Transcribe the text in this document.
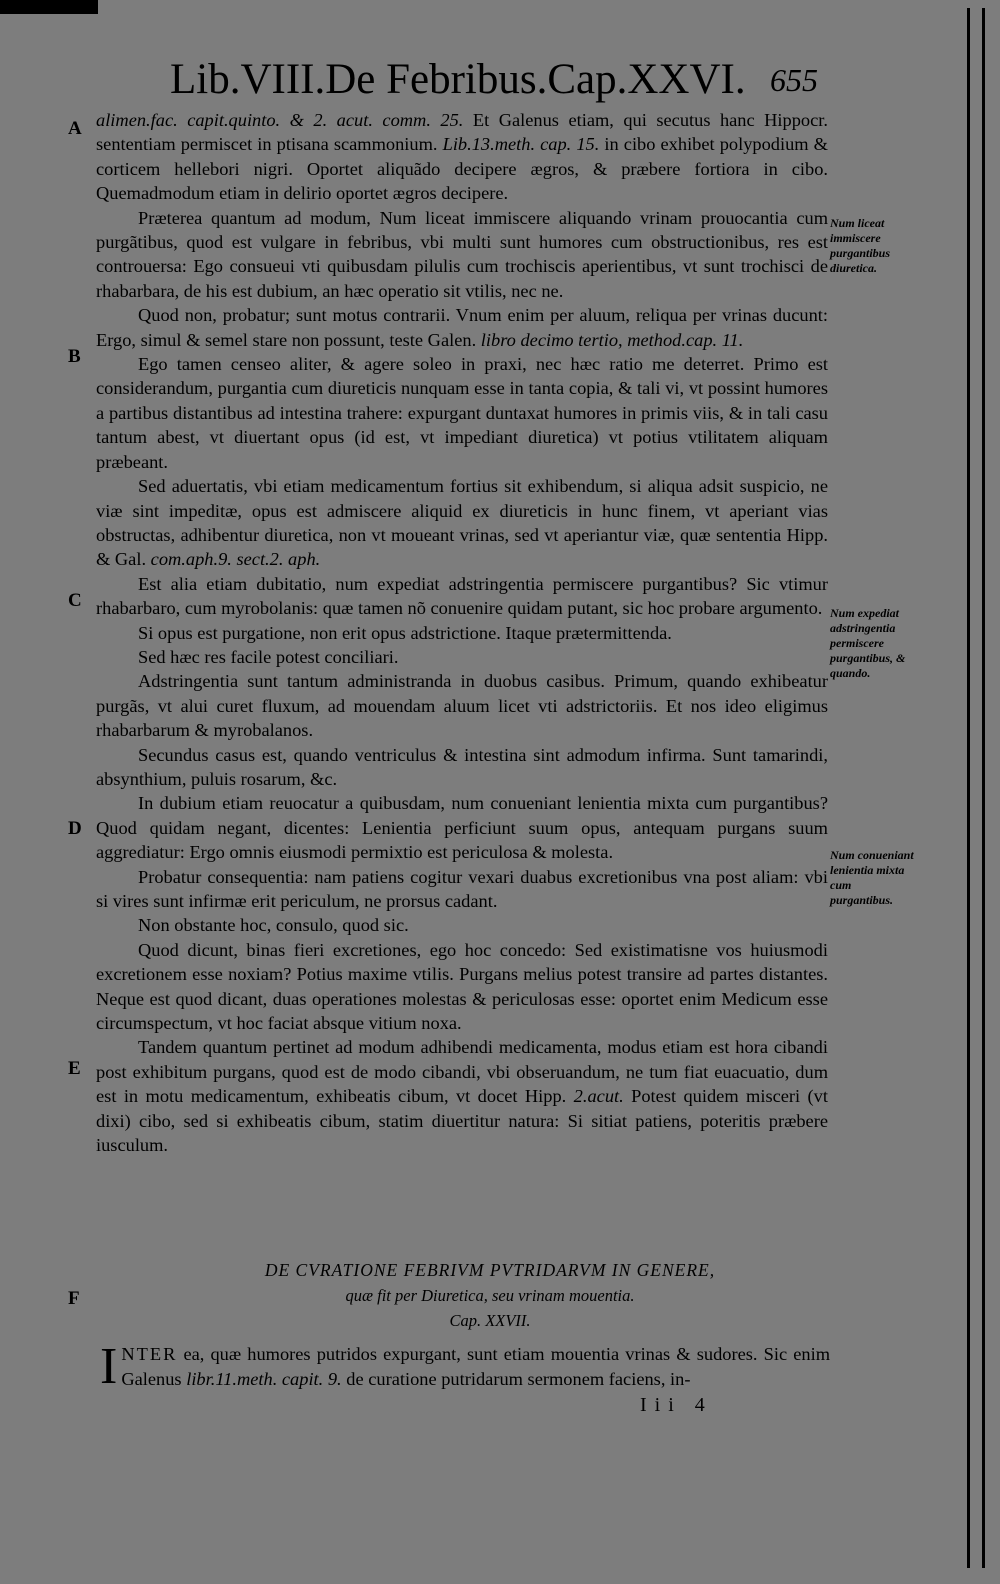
Lib.VIII.De Febribus.Cap.XXVI. 655
A
B
C
D
E
F
Num liceat immiscere purgantibus diuretica.
Num expediat adstringentia permiscere purgantibus, & quando.
Num conueniant lenientia mixta cum purgantibus.

alimen.fac. capit.quinto. & 2. acut. comm. 25. Et Galenus etiam, qui secutus hanc Hippocr. sententiam permiscet in ptisana scammonium. Lib.13.meth. cap. 15. in cibo exhibet polypodium & corticem hellebori nigri. Oportet aliquãdo decipere ægros, & præbere fortiora in cibo. Quemadmodum etiam in delirio oportet ægros decipere.

Præterea quantum ad modum, Num liceat immiscere aliquando vrinam prouocantia cum purgãtibus, quod est vulgare in febribus, vbi multi sunt humores cum obstructionibus, res est controuersa: Ego consueui vti quibusdam pilulis cum trochiscis aperientibus, vt sunt trochisci de rhabarbara, de his est dubium, an hæc operatio sit vtilis, nec ne.

Quod non, probatur; sunt motus contrarii. Vnum enim per aluum, reliqua per vrinas ducunt: Ergo, simul & semel stare non possunt, teste Galen. libro decimo tertio, method.cap. 11.

Ego tamen censeo aliter, & agere soleo in praxi, nec hæc ratio me deterret. Primo est considerandum, purgantia cum diureticis nunquam esse in tanta copia, & tali vi, vt possint humores a partibus distantibus ad intestina trahere: expurgant duntaxat humores in primis viis, & in tali casu tantum abest, vt diuertant opus (id est, vt impediant diuretica) vt potius vtilitatem aliquam præbeant.

Sed aduertatis, vbi etiam medicamentum fortius sit exhibendum, si aliqua adsit suspicio, ne viæ sint impeditæ, opus est admiscere aliquid ex diureticis in hunc finem, vt aperiant vias obstructas, adhibentur diuretica, non vt moueant vrinas, sed vt aperiantur viæ, quæ sententia Hipp. & Gal. com.aph.9. sect.2. aph.

Est alia etiam dubitatio, num expediat adstringentia permiscere purgantibus? Sic vtimur rhabarbaro, cum myrobolanis: quæ tamen nõ conuenire quidam putant, sic hoc probare argumento.

Si opus est purgatione, non erit opus adstrictione. Itaque prætermittenda.

Sed hæc res facile potest conciliari.

Adstringentia sunt tantum administranda in duobus casibus. Primum, quando exhibeatur purgãs, vt alui curet fluxum, ad mouendam aluum licet vti adstrictoriis. Et nos ideo eligimus rhabarbarum & myrobalanos.

Secundus casus est, quando ventriculus & intestina sint admodum infirma. Sunt tamarindi, absynthium, puluis rosarum, &c.

In dubium etiam reuocatur a quibusdam, num conueniant lenientia mixta cum purgantibus? Quod quidam negant, dicentes: Lenientia perficiunt suum opus, antequam purgans suum aggrediatur: Ergo omnis eiusmodi permixtio est periculosa & molesta.

Probatur consequentia: nam patiens cogitur vexari duabus excretionibus vna post aliam: vbi si vires sunt infirmæ erit periculum, ne prorsus cadant.

Non obstante hoc, consulo, quod sic.

Quod dicunt, binas fieri excretiones, ego hoc concedo: Sed existimatisne vos huiusmodi excretionem esse noxiam? Potius maxime vtilis. Purgans melius potest transire ad partes distantes. Neque est quod dicant, duas operationes molestas & periculosas esse: oportet enim Medicum esse circumspectum, vt hoc faciat absque vitium noxa.

Tandem quantum pertinet ad modum adhibendi medicamenta, modus etiam est hora cibandi post exhibitum purgans, quod est de modo cibandi, vbi obseruandum, ne tum fiat euacuatio, dum est in motu medicamentum, exhibeatis cibum, vt docet Hipp. 2.acut. Potest quidem misceri (vt dixi) cibo, sed si exhibeatis cibum, statim diuertitur natura: Si sitiat patiens, poteritis præbere iusculum.

DE CVRATIONE FEBRIVM PVTRIDARVM IN GENERE,
quæ fit per Diuretica, seu vrinam mouentia.
Cap. XXVII.

INTER ea, quæ humores putridos expurgant, sunt etiam mouentia vrinas & sudores. Sic enim Galenus libr.11.meth. capit. 9. de curatione putridarum sermonem faciens, in-

Iii 4
